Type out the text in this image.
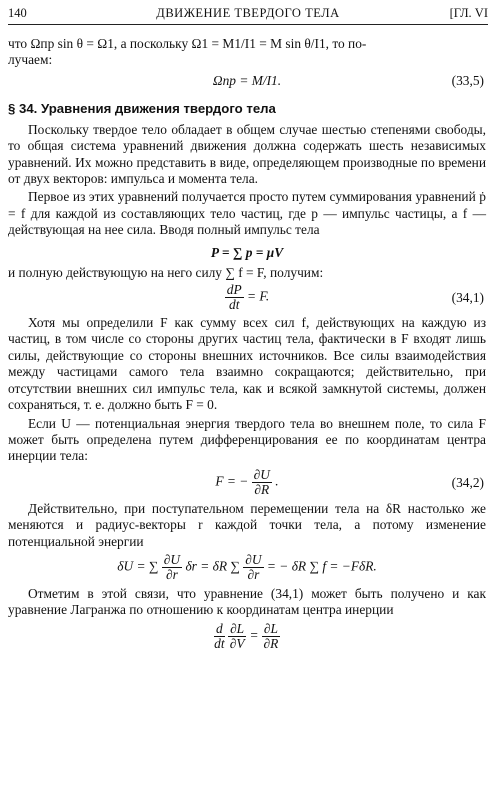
140	ДВИЖЕНИЕ ТВЕРДОГО ТЕЛА	[ГЛ. VI

что Ωпр sin θ = Ω1, а поскольку Ω1 = M1/I1 = M sin θ/I1, то по-

лучаем:

Ωпр = M/I1.	(33,5)
§ 34. Уравнения движения твердого тела

Поскольку твердое тело обладает в общем случае шестью степенями свободы, то общая система уравнений движения должна содержать шесть независимых уравнений. Их можно представить в виде, определяющем производные по времени от двух векторов: импульса и момента тела.

Первое из этих уравнений получается просто путем суммирования уравнений ṗ = f для каждой из составляющих тело частиц, где p — импульс частицы, а f — действующая на нее сила. Вводя полный импульс тела

P = ∑ p = μV

и полную действующую на него силу ∑ f = F, получим:

$\frac{dP}{dt} = F$.	(34,1)

Хотя мы определили F как сумму всех сил f, действующих на каждую из частиц, в том числе со стороны других частиц тела, фактически в F входят лишь силы, действующие со стороны внешних источников. Все силы взаимодействия между частицами самого тела взаимно сокращаются; действительно, при отсутствии внешних сил импульс тела, как и всякой замкнутой системы, должен сохраняться, т. е. должно быть F = 0.

Если U — потенциальная энергия твердого тела во внешнем поле, то сила F может быть определена путем дифференцирования ее по координатам центра инерции тела:

F = − $\frac{\partial U}{\partial R}$ .	(34,2)

Действительно, при поступательном перемещении тела на δR настолько же меняются и радиус-векторы r каждой точки тела, а потому изменение потенциальной энергии

δU = ∑ $\frac{\partial U}{\partial r}$ δr = δR ∑ $\frac{\partial U}{\partial r}$ = − δR ∑ f = −FδR.

Отметим в этой связи, что уравнение (34,1) может быть получено и как уравнение Лагранжа по отношению к координатам центра инерции

$\frac{d}{dt}$
$\frac{\partial L}{\partial V} = \frac{\partial L}{\partial R}$
